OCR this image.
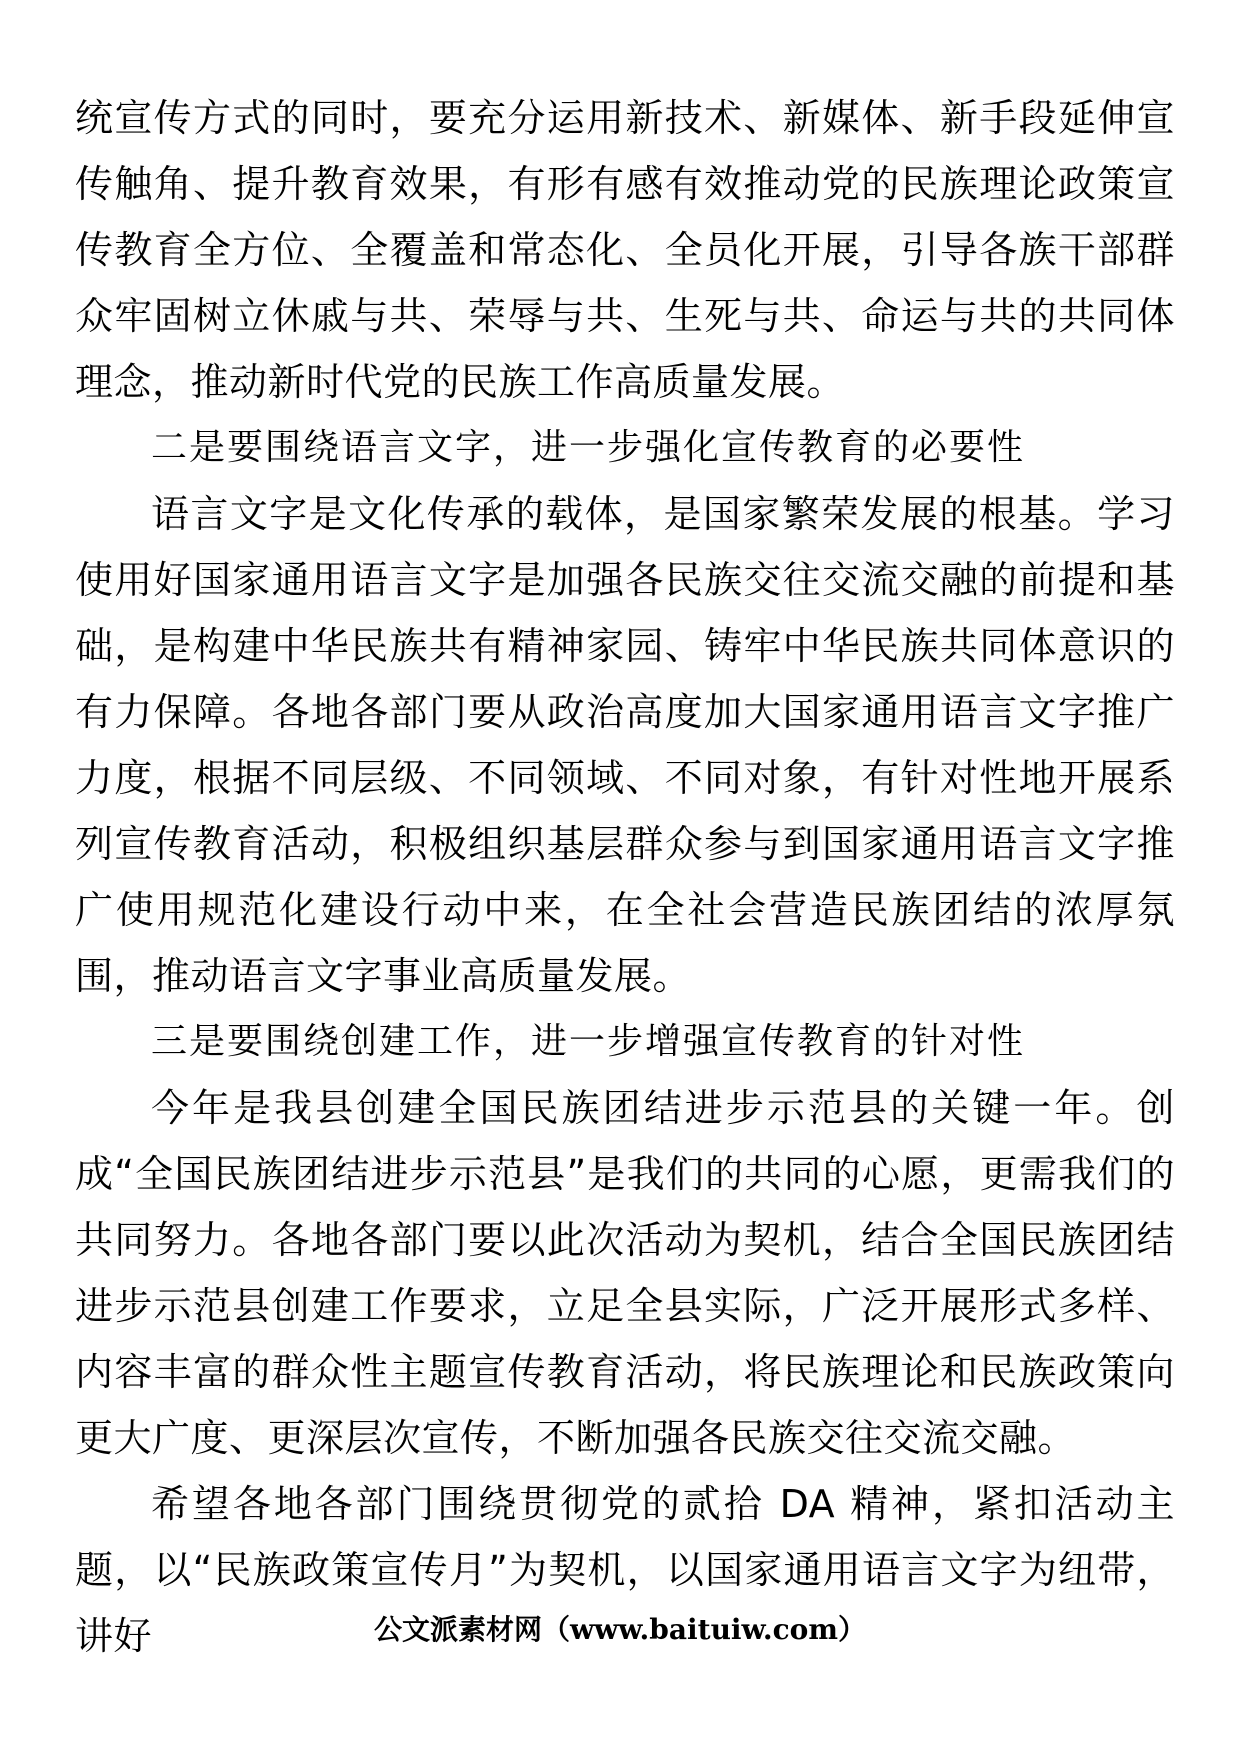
统宣传方式的同时，要充分运用新技术、新媒体、新手段延伸宣传触角、提升教育效果，有形有感有效推动党的民族理论政策宣传教育全方位、全覆盖和常态化、全员化开展，引导各族干部群众牢固树立休戚与共、荣辱与共、生死与共、命运与共的共同体理念，推动新时代党的民族工作高质量发展。

二是要围绕语言文字，进一步强化宣传教育的必要性

语言文字是文化传承的载体，是国家繁荣发展的根基。学习使用好国家通用语言文字是加强各民族交往交流交融的前提和基础，是构建中华民族共有精神家园、铸牢中华民族共同体意识的有力保障。各地各部门要从政治高度加大国家通用语言文字推广力度，根据不同层级、不同领域、不同对象，有针对性地开展系列宣传教育活动，积极组织基层群众参与到国家通用语言文字推广使用规范化建设行动中来，在全社会营造民族团结的浓厚氛围，推动语言文字事业高质量发展。

三是要围绕创建工作，进一步增强宣传教育的针对性

今年是我县创建全国民族团结进步示范县的关键一年。创成“全国民族团结进步示范县”是我们的共同的心愿，更需我们的共同努力。各地各部门要以此次活动为契机，结合全国民族团结进步示范县创建工作要求，立足全县实际，广泛开展形式多样、内容丰富的群众性主题宣传教育活动，将民族理论和民族政策向更大广度、更深层次宣传，不断加强各民族交往交流交融。

希望各地各部门围绕贯彻党的贰拾 DA 精神，紧扣活动主题，以“民族政策宣传月”为契机，以国家通用语言文字为纽带，讲好	公文派素材网（www.baituiw.com）
